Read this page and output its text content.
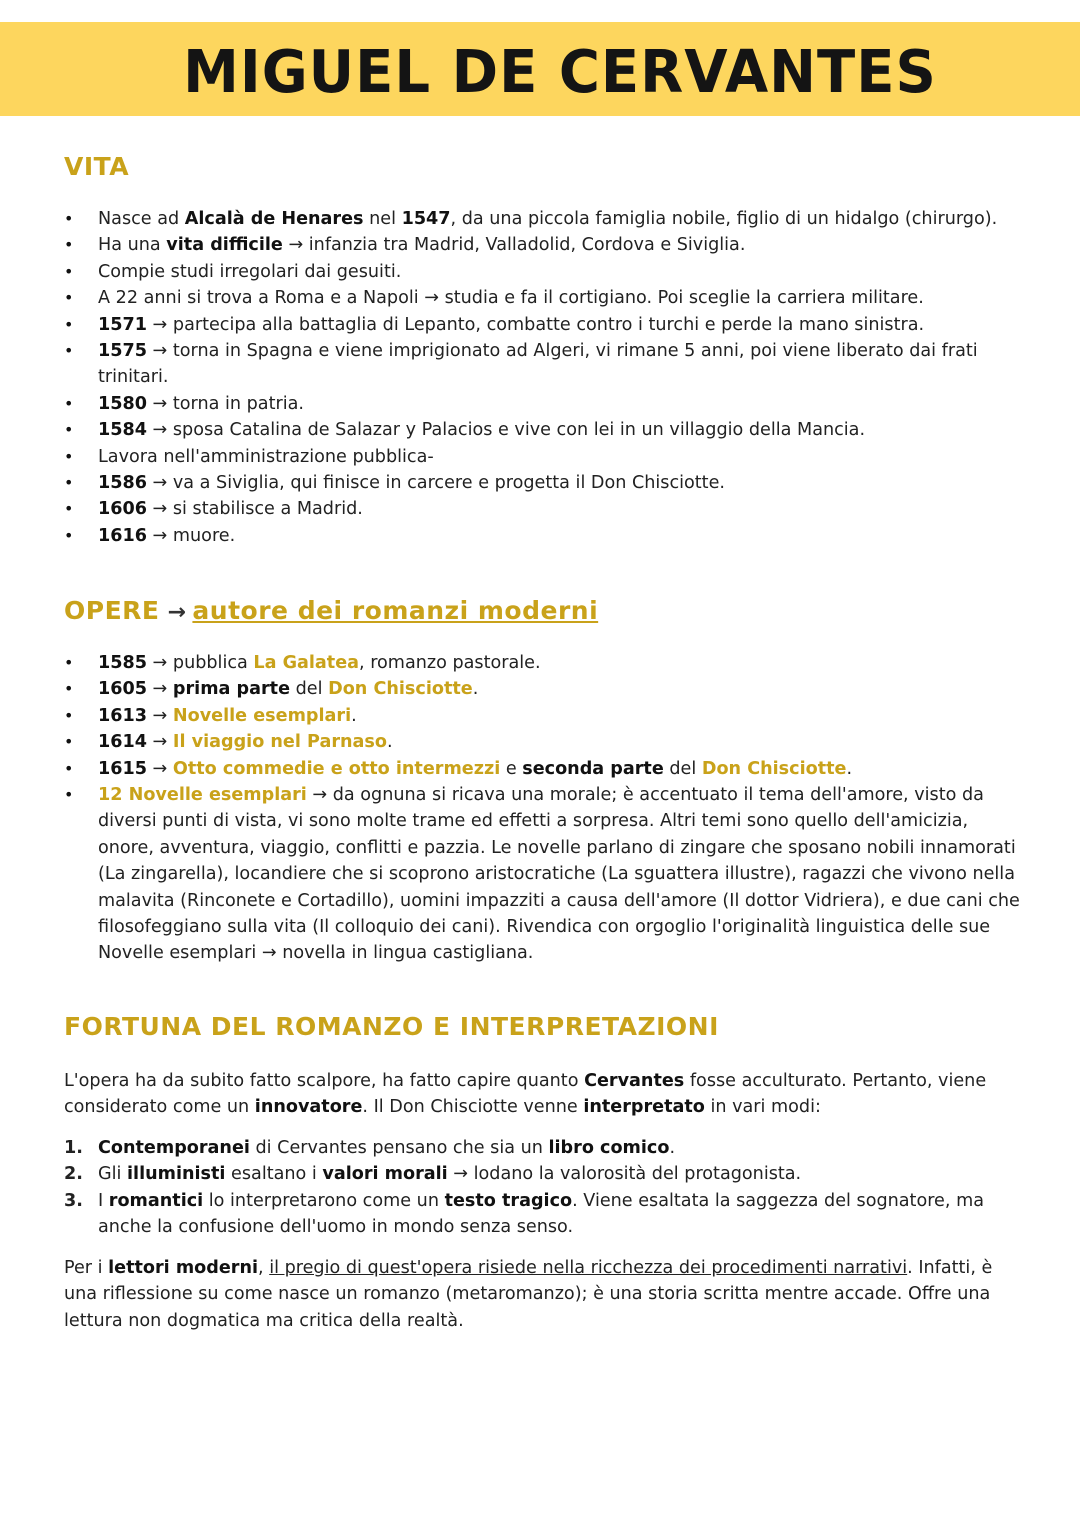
MIGUEL DE CERVANTES
VITA
• Nasce ad Alcalà de Henares nel 1547, da una piccola famiglia nobile, figlio di un hidalgo (chirurgo).
• Ha una vita difficile → infanzia tra Madrid, Valladolid, Cordova e Siviglia.
• Compie studi irregolari dai gesuiti.
• A 22 anni si trova a Roma e a Napoli → studia e fa il cortigiano. Poi sceglie la carriera militare.
• 1571 → partecipa alla battaglia di Lepanto, combatte contro i turchi e perde la mano sinistra.
• 1575 → torna in Spagna e viene imprigionato ad Algeri, vi rimane 5 anni, poi viene liberato dai frati trinitari.
• 1580 → torna in patria.
• 1584 → sposa Catalina de Salazar y Palacios e vive con lei in un villaggio della Mancia.
• Lavora nell'amministrazione pubblica-
• 1586 → va a Siviglia, qui finisce in carcere e progetta il Don Chisciotte.
• 1606 → si stabilisce a Madrid.
• 1616 → muore.
OPERE → autore dei romanzi moderni
• 1585 → pubblica La Galatea, romanzo pastorale.
• 1605 → prima parte del Don Chisciotte.
• 1613 → Novelle esemplari.
• 1614 → Il viaggio nel Parnaso.
• 1615 → Otto commedie e otto intermezzi e seconda parte del Don Chisciotte.
• 12 Novelle esemplari → da ognuna si ricava una morale; è accentuato il tema dell'amore, visto da diversi punti di vista, vi sono molte trame ed effetti a sorpresa. Altri temi sono quello dell'amicizia, onore, avventura, viaggio, conflitti e pazzia. Le novelle parlano di zingare che sposano nobili innamorati (La zingarella), locandiere che si scoprono aristocratiche (La sguattera illustre), ragazzi che vivono nella malavita (Rinconete e Cortadillo), uomini impazziti a causa dell'amore (Il dottor Vidriera), e due cani che filosofeggiano sulla vita (Il colloquio dei cani). Rivendica con orgoglio l'originalità linguistica delle sue Novelle esemplari → novella in lingua castigliana.
FORTUNA DEL ROMANZO E INTERPRETAZIONI
L'opera ha da subito fatto scalpore, ha fatto capire quanto Cervantes fosse acculturato. Pertanto, viene considerato come un innovatore. Il Don Chisciotte venne interpretato in vari modi:
1. Contemporanei di Cervantes pensano che sia un libro comico.
2. Gli illuministi esaltano i valori morali → lodano la valorosità del protagonista.
3. I romantici lo interpretarono come un testo tragico. Viene esaltata la saggezza del sognatore, ma anche la confusione dell'uomo in mondo senza senso.
Per i lettori moderni, il pregio di quest'opera risiede nella ricchezza dei procedimenti narrativi. Infatti, è una riflessione su come nasce un romanzo (metaromanzo); è una storia scritta mentre accade. Offre una lettura non dogmatica ma critica della realtà.
